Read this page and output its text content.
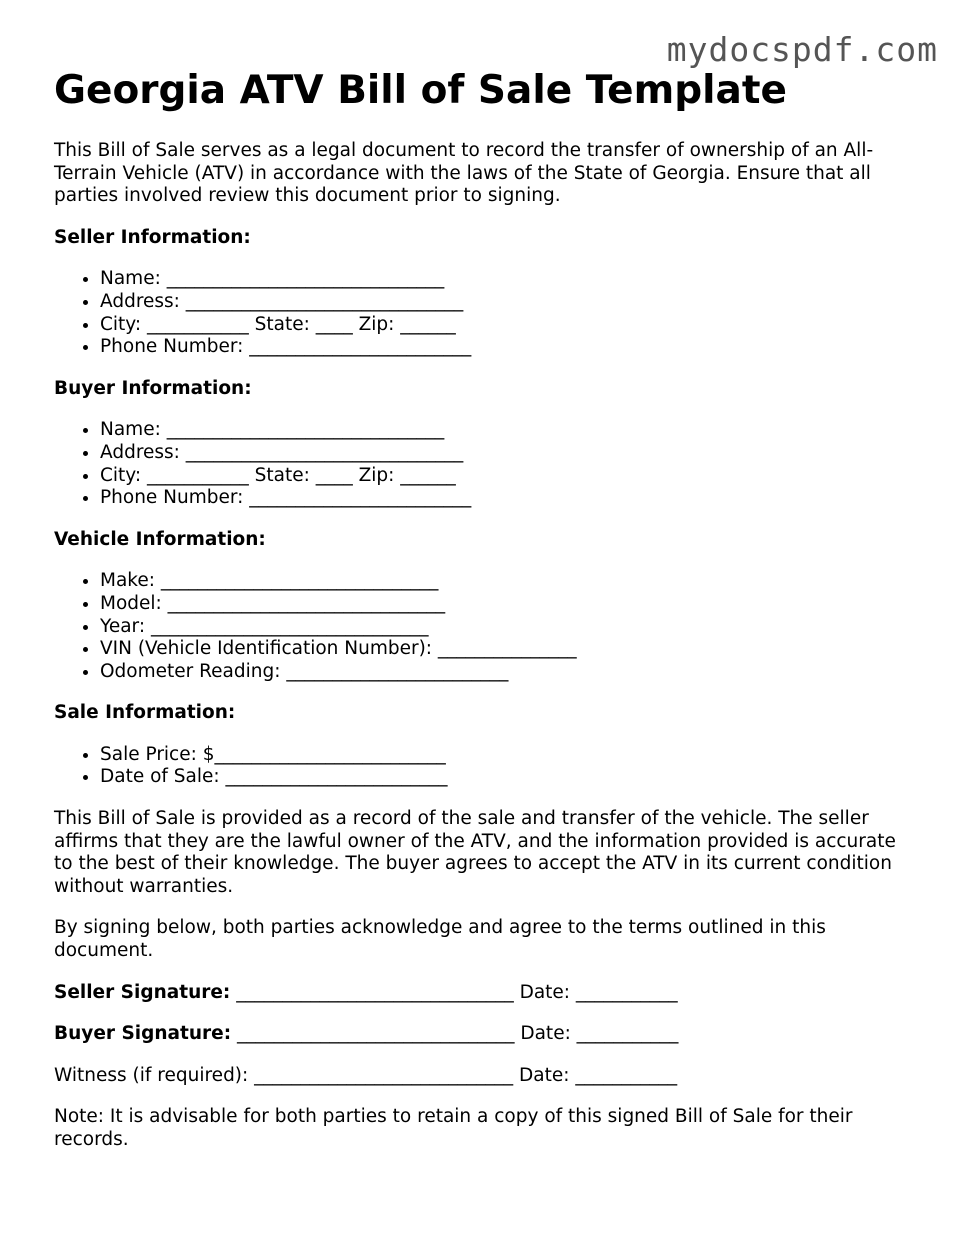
mydocspdf.com
Georgia ATV Bill of Sale Template

This Bill of Sale serves as a legal document to record the transfer of ownership of an All-Terrain Vehicle (ATV) in accordance with the laws of the State of Georgia. Ensure that all parties involved review this document prior to signing.

Seller Information:
• Name: ______________________________
• Address: ______________________________
• City: ___________ State: ____ Zip: ______
• Phone Number: ________________________
Buyer Information:
• Name: ______________________________
• Address: ______________________________
• City: ___________ State: ____ Zip: ______
• Phone Number: ________________________
Vehicle Information:
• Make: ______________________________
• Model: ______________________________
• Year: ______________________________
• VIN (Vehicle Identification Number): _______________
• Odometer Reading: ________________________
Sale Information:
• Sale Price: $_________________________
• Date of Sale: ________________________

This Bill of Sale is provided as a record of the sale and transfer of the vehicle. The seller affirms that they are the lawful owner of the ATV, and the information provided is accurate to the best of their knowledge. The buyer agrees to accept the ATV in its current condition without warranties.

By signing below, both parties acknowledge and agree to the terms outlined in this document.

Seller Signature: ______________________________ Date: ___________
Buyer Signature: ______________________________ Date: ___________
Witness (if required): ____________________________ Date: ___________

Note: It is advisable for both parties to retain a copy of this signed Bill of Sale for their records.
